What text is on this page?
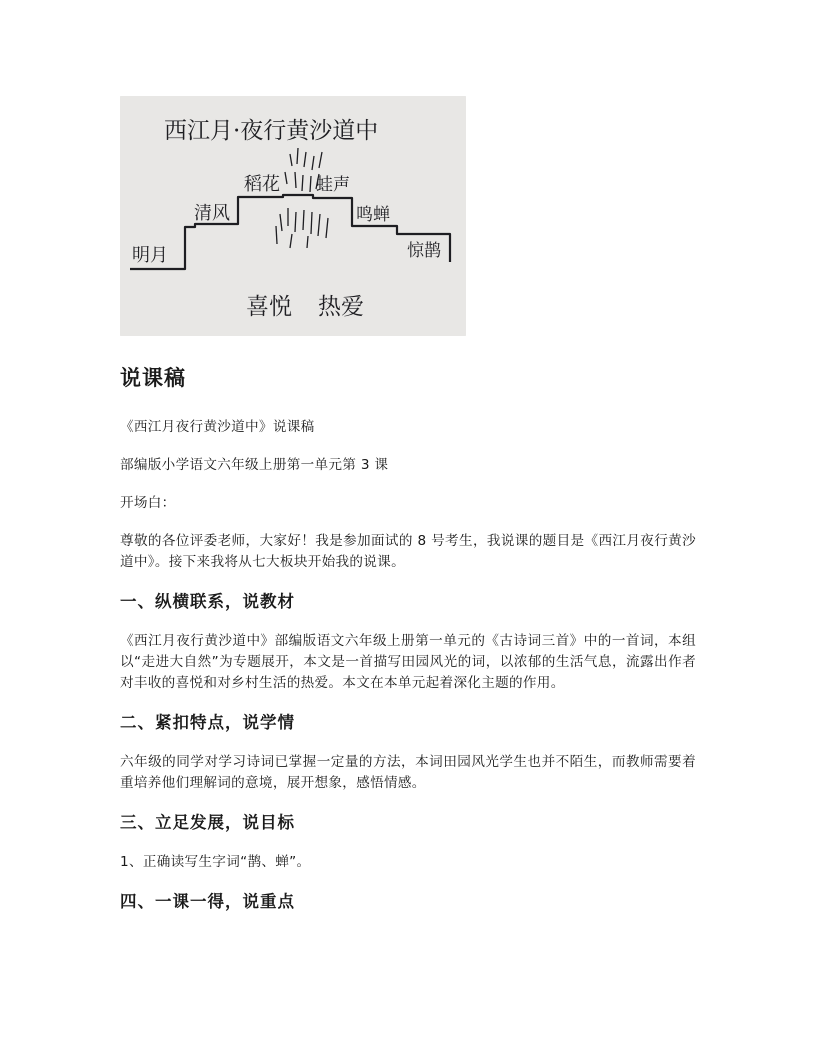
西江月·夜行黄沙道中
明月
清风
稻花 蛙声
鸣蝉
惊鹊
喜悦 热爱
说课稿

《西江月夜行黄沙道中》说课稿

部编版小学语文六年级上册第一单元第 3 课

开场白：

尊敬的各位评委老师，大家好！我是参加面试的 8 号考生，我说课的题目是《西江月夜行黄沙道中》。接下来我将从七大板块开始我的说课。

一、纵横联系，说教材

《西江月夜行黄沙道中》部编版语文六年级上册第一单元的《古诗词三首》中的一首词，本组以“走进大自然”为专题展开，本文是一首描写田园风光的词，以浓郁的生活气息，流露出作者对丰收的喜悦和对乡村生活的热爱。本文在本单元起着深化主题的作用。

二、紧扣特点，说学情

六年级的同学对学习诗词已掌握一定量的方法，本词田园风光学生也并不陌生，而教师需要着重培养他们理解词的意境，展开想象，感悟情感。

三、立足发展，说目标

1、正确读写生字词“鹊、蝉”。

四、一课一得，说重点
